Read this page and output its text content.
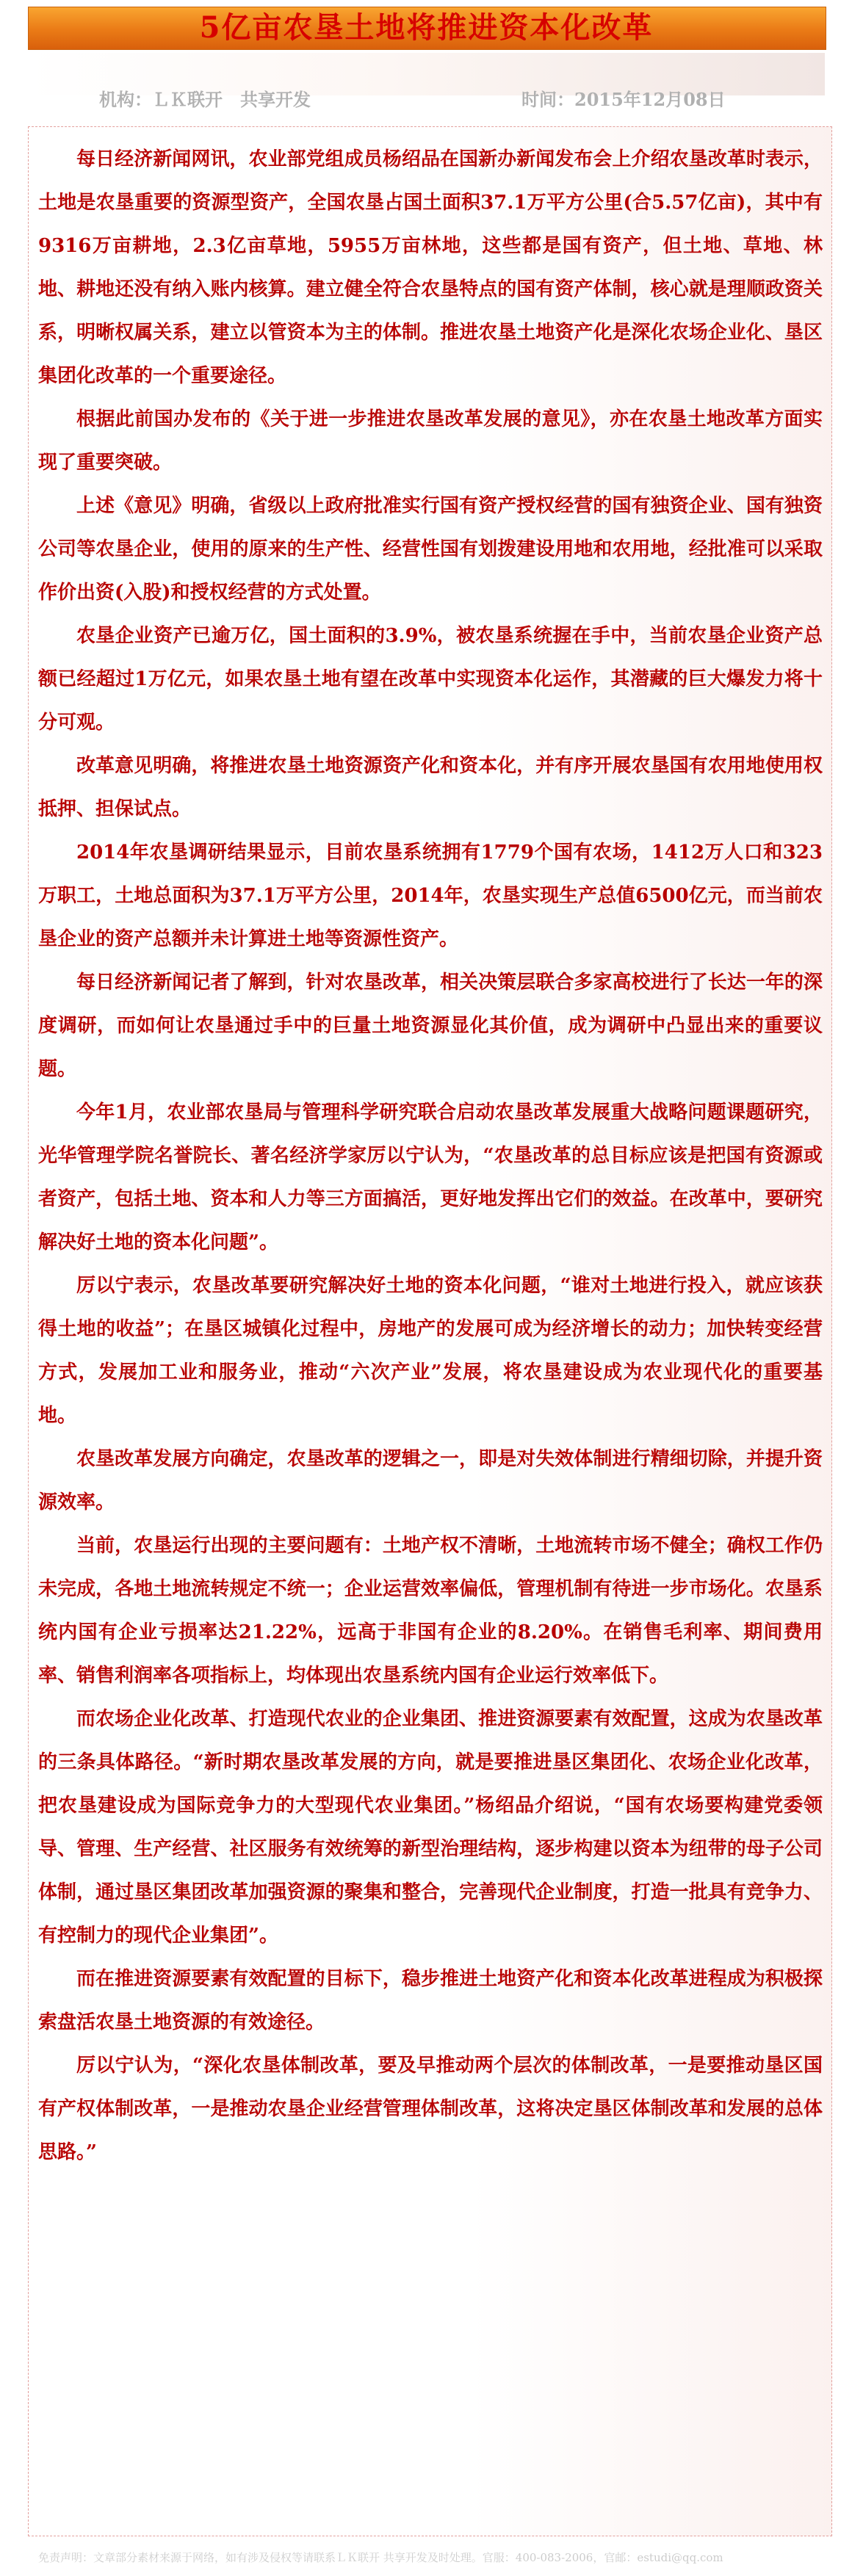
5亿亩农垦土地将推进资本化改革
机构：ＬＫ联开　共享开发	时间：2015年12月08日

每日经济新闻网讯，农业部党组成员杨绍品在国新办新闻发布会上介绍农垦改革时表示，土地是农垦重要的资源型资产，全国农垦占国土面积37.1万平方公里(合5.57亿亩)，其中有9316万亩耕地，2.3亿亩草地，5955万亩林地，这些都是国有资产，但土地、草地、林地、耕地还没有纳入账内核算。建立健全符合农垦特点的国有资产体制，核心就是理顺政资关系，明晰权属关系，建立以管资本为主的体制。推进农垦土地资产化是深化农场企业化、垦区集团化改革的一个重要途径。

根据此前国办发布的《关于进一步推进农垦改革发展的意见》，亦在农垦土地改革方面实现了重要突破。

上述《意见》明确，省级以上政府批准实行国有资产授权经营的国有独资企业、国有独资公司等农垦企业，使用的原来的生产性、经营性国有划拨建设用地和农用地，经批准可以采取作价出资(入股)和授权经营的方式处置。

农垦企业资产已逾万亿，国土面积的3.9%，被农垦系统握在手中，当前农垦企业资产总额已经超过1万亿元，如果农垦土地有望在改革中实现资本化运作，其潜藏的巨大爆发力将十分可观。

改革意见明确，将推进农垦土地资源资产化和资本化，并有序开展农垦国有农用地使用权抵押、担保试点。

2014年农垦调研结果显示，目前农垦系统拥有1779个国有农场，1412万人口和323万职工，土地总面积为37.1万平方公里，2014年，农垦实现生产总值6500亿元，而当前农垦企业的资产总额并未计算进土地等资源性资产。

每日经济新闻记者了解到，针对农垦改革，相关决策层联合多家高校进行了长达一年的深度调研，而如何让农垦通过手中的巨量土地资源显化其价值，成为调研中凸显出来的重要议题。

今年1月，农业部农垦局与管理科学研究联合启动农垦改革发展重大战略问题课题研究，光华管理学院名誉院长、著名经济学家厉以宁认为，“农垦改革的总目标应该是把国有资源或者资产，包括土地、资本和人力等三方面搞活，更好地发挥出它们的效益。在改革中，要研究解决好土地的资本化问题”。

厉以宁表示，农垦改革要研究解决好土地的资本化问题，“谁对土地进行投入，就应该获得土地的收益”；在垦区城镇化过程中，房地产的发展可成为经济增长的动力；加快转变经营方式，发展加工业和服务业，推动“六次产业”发展，将农垦建设成为农业现代化的重要基地。

农垦改革发展方向确定，农垦改革的逻辑之一，即是对失效体制进行精细切除，并提升资源效率。

当前，农垦运行出现的主要问题有：土地产权不清晰，土地流转市场不健全；确权工作仍未完成，各地土地流转规定不统一；企业运营效率偏低，管理机制有待进一步市场化。农垦系统内国有企业亏损率达21.22%，远高于非国有企业的8.20%。在销售毛利率、期间费用率、销售利润率各项指标上，均体现出农垦系统内国有企业运行效率低下。

而农场企业化改革、打造现代农业的企业集团、推进资源要素有效配置，这成为农垦改革的三条具体路径。“新时期农垦改革发展的方向，就是要推进垦区集团化、农场企业化改革，把农垦建设成为国际竞争力的大型现代农业集团。”杨绍品介绍说，“国有农场要构建党委领导、管理、生产经营、社区服务有效统筹的新型治理结构，逐步构建以资本为纽带的母子公司体制，通过垦区集团改革加强资源的聚集和整合，完善现代企业制度，打造一批具有竞争力、有控制力的现代企业集团”。

而在推进资源要素有效配置的目标下，稳步推进土地资产化和资本化改革进程成为积极探索盘活农垦土地资源的有效途径。

厉以宁认为，“深化农垦体制改革，要及早推动两个层次的体制改革，一是要推动垦区国有产权体制改革，一是推动农垦企业经营管理体制改革，这将决定垦区体制改革和发展的总体思路。”

免责声明：文章部分素材来源于网络，如有涉及侵权等请联系ＬＫ联开 共享开发及时处理。官服：400-083-2006，官邮：estudi@qq.com
